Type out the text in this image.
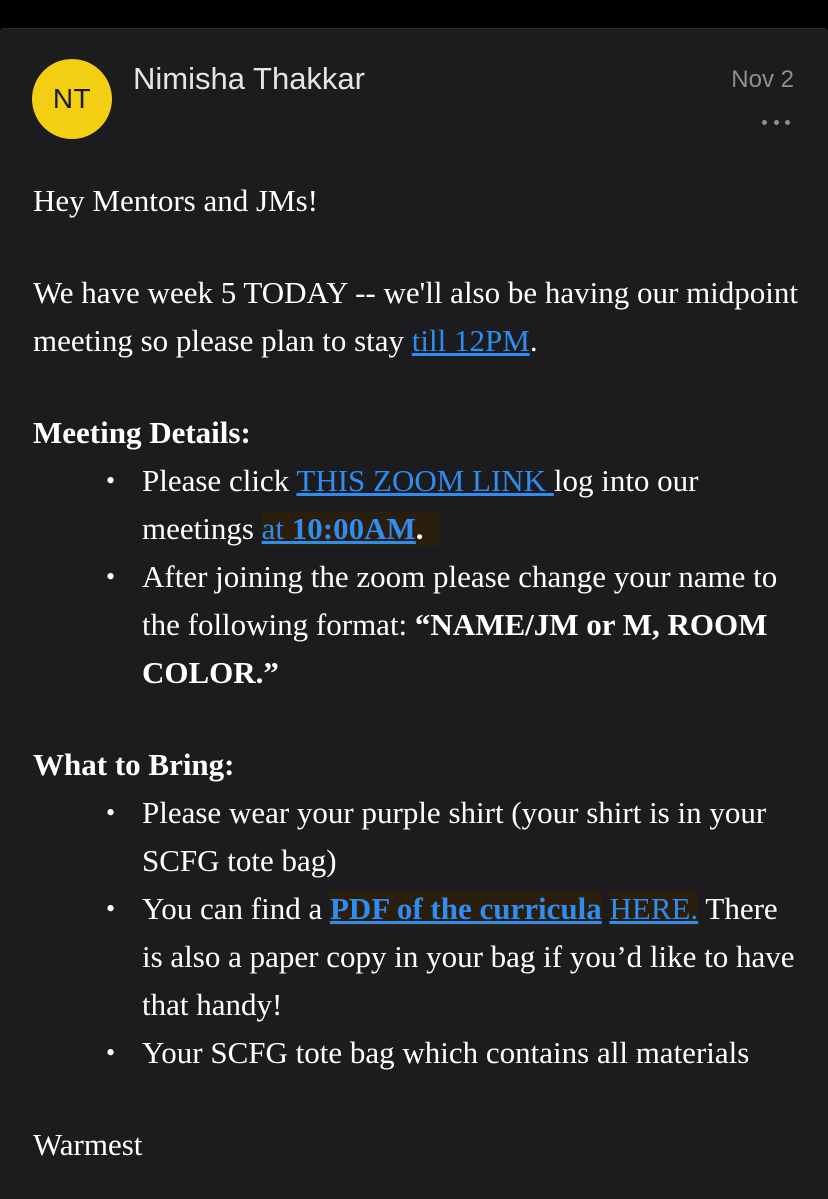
NT
Nimisha Thakkar	Nov 2

Hey Mentors and JMs!

We have week 5 TODAY -- we'll also be having our midpoint meeting so please plan to stay till 12PM.

Meeting Details:

• Please click THIS ZOOM LINK log into our meetings at 10:00AM.
• After joining the zoom please change your name to the following format: “NAME/JM or M, ROOM COLOR.”

What to Bring:

• Please wear your purple shirt (your shirt is in your SCFG tote bag)
• You can find a PDF of the curricula HERE. There is also a paper copy in your bag if you’d like to have that handy!
• Your SCFG tote bag which contains all materials

Warmest
